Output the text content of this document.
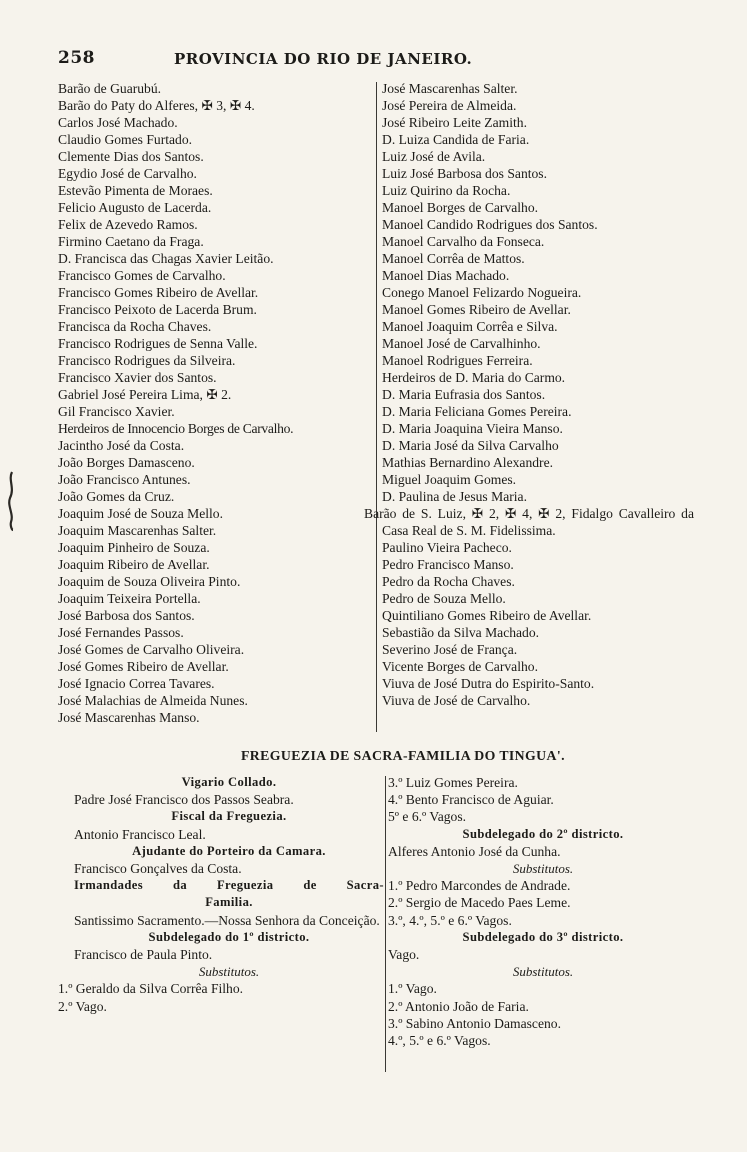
258	PROVINCIA DO RIO DE JANEIRO.
Barão de Guarubú.
Barão do Paty do Alferes, ✠ 3, ✠ 4.
Carlos José Machado.
Claudio Gomes Furtado.
Clemente Dias dos Santos.
Egydio José de Carvalho.
Estevão Pimenta de Moraes.
Felicio Augusto de Lacerda.
Felix de Azevedo Ramos.
Firmino Caetano da Fraga.
D. Francisca das Chagas Xavier Leitão.
Francisco Gomes de Carvalho.
Francisco Gomes Ribeiro de Avellar.
Francisco Peixoto de Lacerda Brum.
Francisca da Rocha Chaves.
Francisco Rodrigues de Senna Valle.
Francisco Rodrigues da Silveira.
Francisco Xavier dos Santos.
Gabriel José Pereira Lima, ✠ 2.
Gil Francisco Xavier.
Herdeiros de Innocencio Borges de Carvalho.
Jacintho José da Costa.
João Borges Damasceno.
João Francisco Antunes.
João Gomes da Cruz.
Joaquim José de Souza Mello.
Joaquim Mascarenhas Salter.
Joaquim Pinheiro de Souza.
Joaquim Ribeiro de Avellar.
Joaquim de Souza Oliveira Pinto.
Joaquim Teixeira Portella.
José Barbosa dos Santos.
José Fernandes Passos.
José Gomes de Carvalho Oliveira.
José Gomes Ribeiro de Avellar.
José Ignacio Correa Tavares.
José Malachias de Almeida Nunes.
José Mascarenhas Manso.
José Mascarenhas Salter.
José Pereira de Almeida.
José Ribeiro Leite Zamith.
D. Luiza Candida de Faria.
Luiz José de Avila.
Luiz José Barbosa dos Santos.
Luiz Quirino da Rocha.
Manoel Borges de Carvalho.
Manoel Candido Rodrigues dos Santos.
Manoel Carvalho da Fonseca.
Manoel Corrêa de Mattos.
Manoel Dias Machado.
Conego Manoel Felizardo Nogueira.
Manoel Gomes Ribeiro de Avellar.
Manoel Joaquim Corrêa e Silva.
Manoel José de Carvalhinho.
Manoel Rodrigues Ferreira.
Herdeiros de D. Maria do Carmo.
D. Maria Eufrasia dos Santos.
D. Maria Feliciana Gomes Pereira.
D. Maria Joaquina Vieira Manso.
D. Maria José da Silva Carvalho
Mathias Bernardino Alexandre.
Miguel Joaquim Gomes.
D. Paulina de Jesus Maria.
Barão de S. Luiz, ✠ 2, ✠ 4, ✠ 2, Fidalgo Cavalleiro da Casa Real de S. M. Fidelissima.
Paulino Vieira Pacheco.
Pedro Francisco Manso.
Pedro da Rocha Chaves.
Pedro de Souza Mello.
Quintiliano Gomes Ribeiro de Avellar.
Sebastião da Silva Machado.
Severino José de França.
Vicente Borges de Carvalho.
Viuva de José Dutra do Espirito-Santo.
Viuva de José de Carvalho.
FREGUEZIA DE SACRA-FAMILIA DO TINGUA'.
Vigario Collado.
Padre José Francisco dos Passos Seabra.
Fiscal da Freguezia.
Antonio Francisco Leal.
Ajudante do Porteiro da Camara.
Francisco Gonçalves da Costa.
Irmandades da Freguezia de Sacra-
Familia.
Santissimo Sacramento.—Nossa Senhora da Conceição.
Subdelegado do 1º districto.
Francisco de Paula Pinto.
Substitutos.
1.º Geraldo da Silva Corrêa Filho.
2.º Vago.
3.º Luiz Gomes Pereira.
4.º Bento Francisco de Aguiar.
5º e 6.º Vagos.
Subdelegado do 2º districto.
Alferes Antonio José da Cunha.
Substitutos.
1.º Pedro Marcondes de Andrade.
2.º Sergio de Macedo Paes Leme.
3.º, 4.º, 5.º e 6.º Vagos.
Subdelegado do 3º districto.
Vago.
Substitutos.
1.º Vago.
2.º Antonio João de Faria.
3.º Sabino Antonio Damasceno.
4.º, 5.º e 6.º Vagos.
